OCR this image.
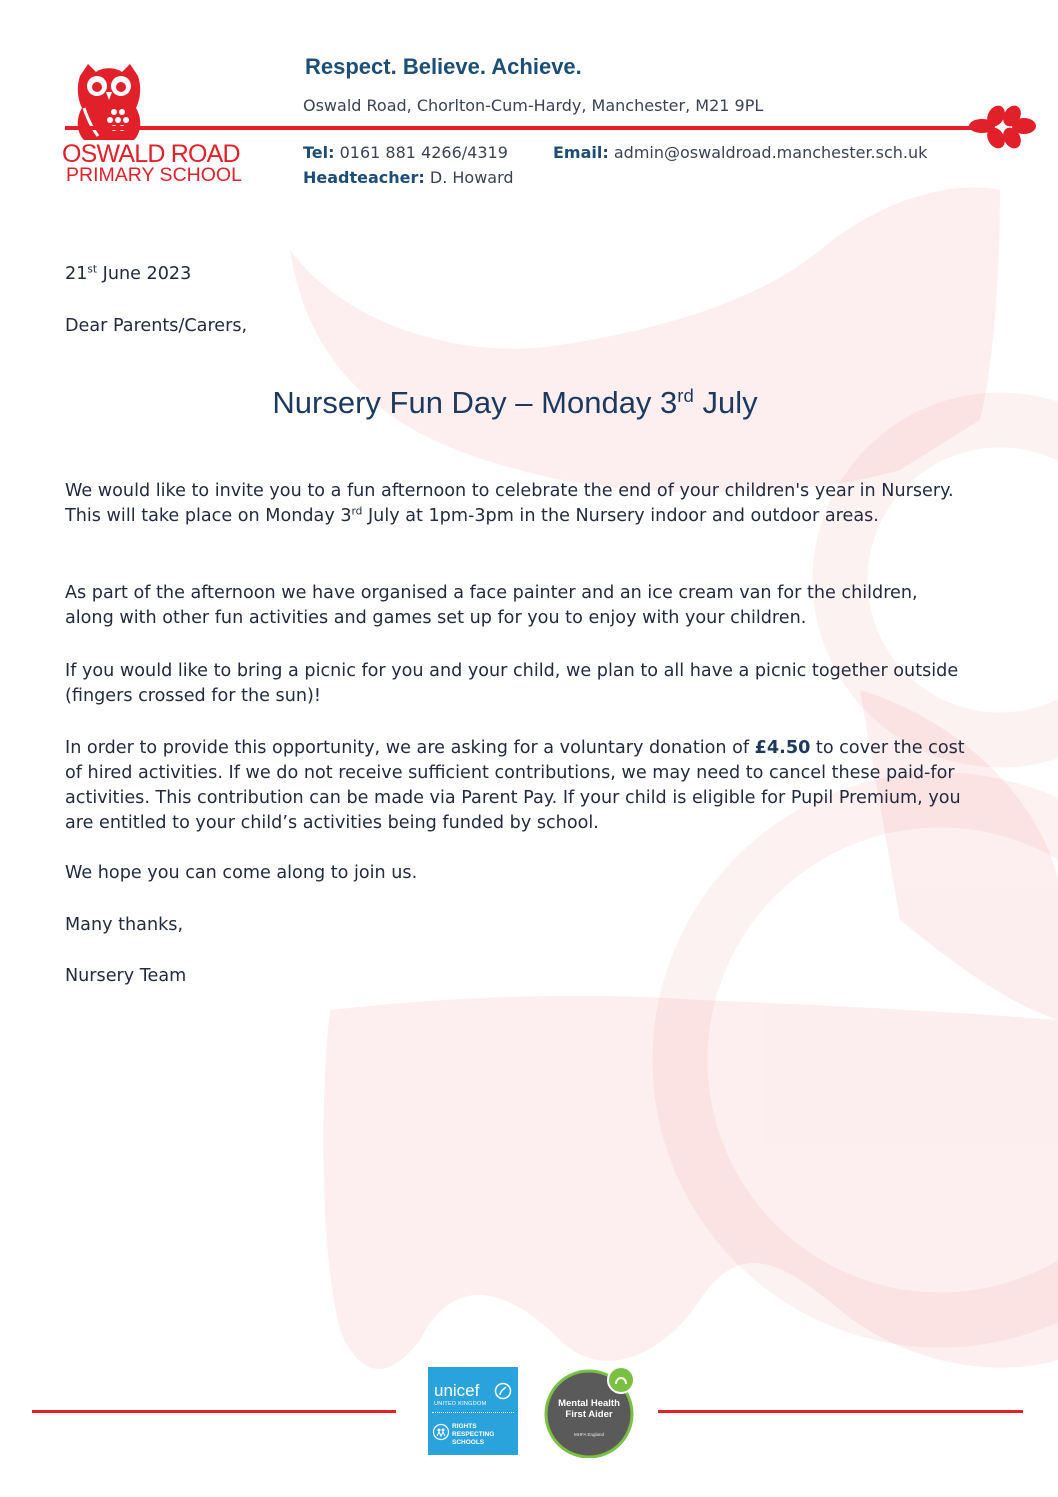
OSWALD ROAD
PRIMARY SCHOOL
Respect. Believe. Achieve.
Oswald Road, Chorlton-Cum-Hardy, Manchester, M21 9PL
Tel: 0161 881 4266/4319
Headteacher: D. Howard
Email: admin@oswaldroad.manchester.sch.uk
21st June 2023
Dear Parents/Carers,
Nursery Fun Day – Monday 3rd July
We would like to invite you to a fun afternoon to celebrate the end of your children's year in Nursery. This will take place on Monday 3rd July at 1pm-3pm in the Nursery indoor and outdoor areas.
As part of the afternoon we have organised a face painter and an ice cream van for the children, along with other fun activities and games set up for you to enjoy with your children.
If you would like to bring a picnic for you and your child, we plan to all have a picnic together outside (fingers crossed for the sun)!
In order to provide this opportunity, we are asking for a voluntary donation of £4.50 to cover the cost of hired activities. If we do not receive sufficient contributions, we may need to cancel these paid-for activities. This contribution can be made via Parent Pay. If your child is eligible for Pupil Premium, you are entitled to your child’s activities being funded by school.
We hope you can come along to join us.
Many thanks,
Nursery Team
unicef
UNITED KINGDOM
RIGHTS
RESPECTING
SCHOOLS
Mental Health
First Aider
MHFA England
